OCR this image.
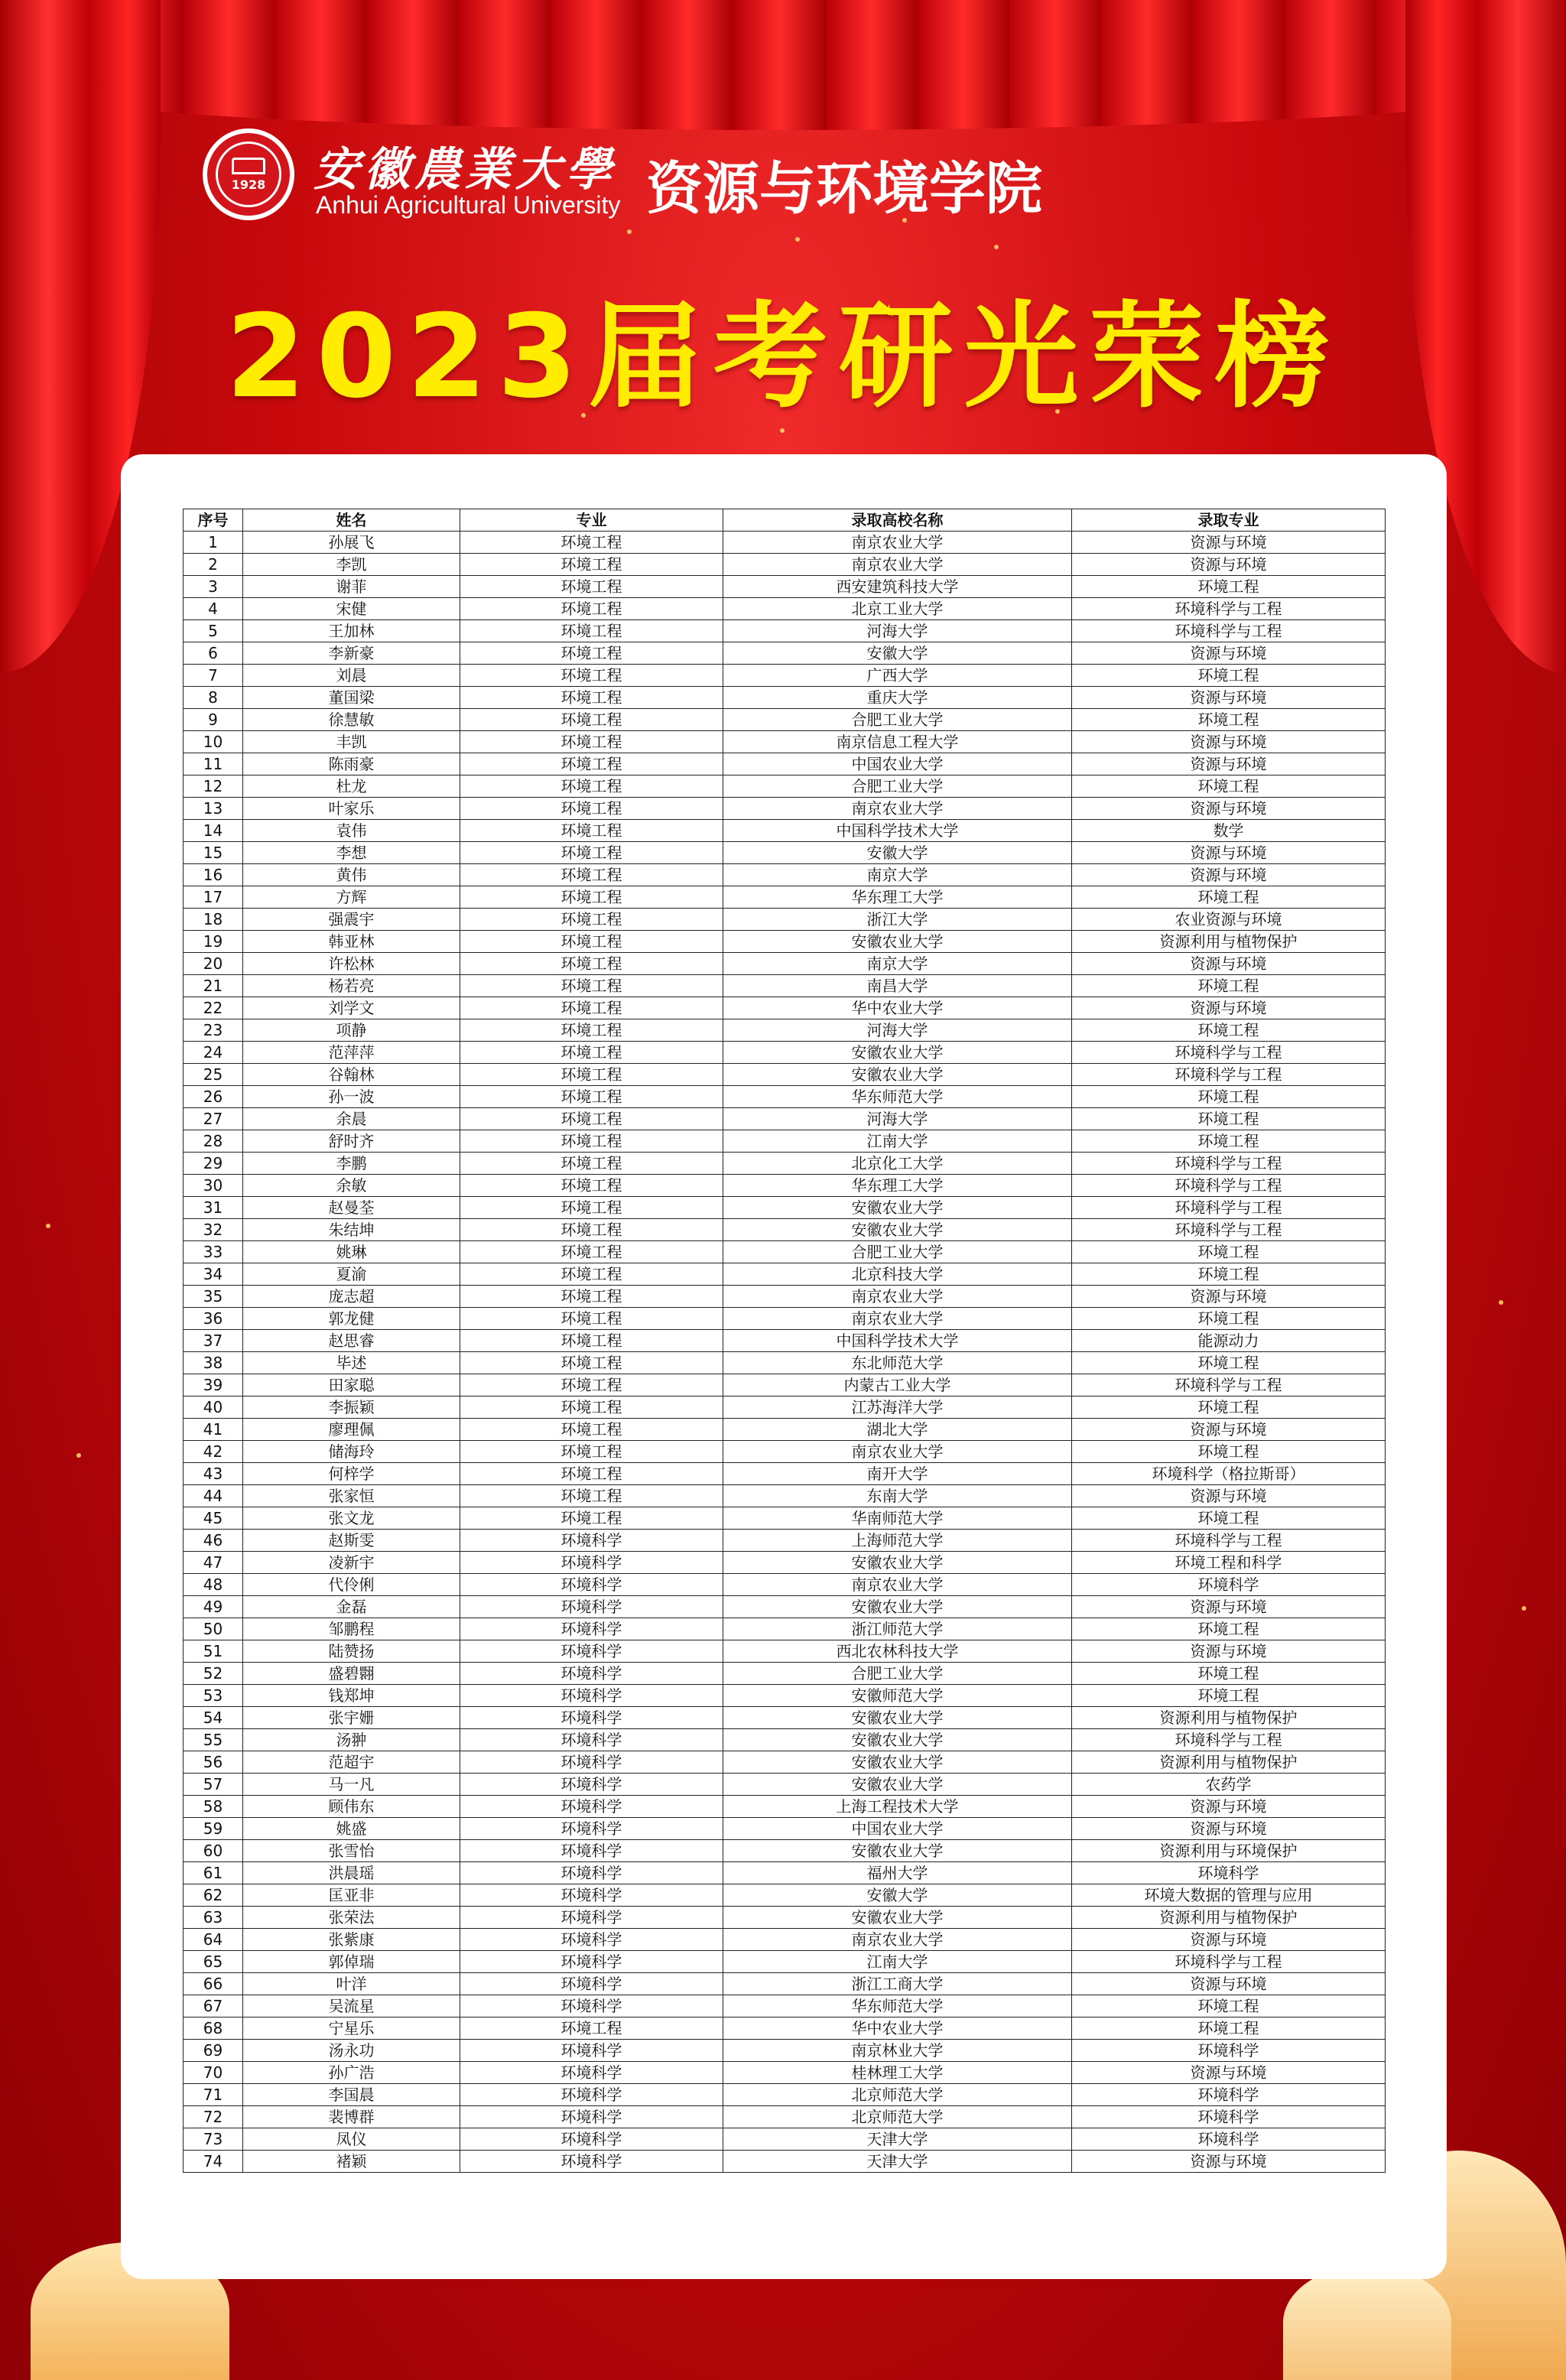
1928 安徽農業大學
Anhui Agricultural University 资源与环境学院
2023届考研光荣榜
序号	姓名	专业	录取高校名称	录取专业
1	孙展飞	环境工程	南京农业大学	资源与环境
2	李凯	环境工程	南京农业大学	资源与环境
3	谢菲	环境工程	西安建筑科技大学	环境工程
4	宋健	环境工程	北京工业大学	环境科学与工程
5	王加林	环境工程	河海大学	环境科学与工程
6	李新豪	环境工程	安徽大学	资源与环境
7	刘晨	环境工程	广西大学	环境工程
8	董国梁	环境工程	重庆大学	资源与环境
9	徐慧敏	环境工程	合肥工业大学	环境工程
10	丰凯	环境工程	南京信息工程大学	资源与环境
11	陈雨豪	环境工程	中国农业大学	资源与环境
12	杜龙	环境工程	合肥工业大学	环境工程
13	叶家乐	环境工程	南京农业大学	资源与环境
14	袁伟	环境工程	中国科学技术大学	数学
15	李想	环境工程	安徽大学	资源与环境
16	黄伟	环境工程	南京大学	资源与环境
17	方辉	环境工程	华东理工大学	环境工程
18	强震宇	环境工程	浙江大学	农业资源与环境
19	韩亚林	环境工程	安徽农业大学	资源利用与植物保护
20	许松林	环境工程	南京大学	资源与环境
21	杨若亮	环境工程	南昌大学	环境工程
22	刘学文	环境工程	华中农业大学	资源与环境
23	项静	环境工程	河海大学	环境工程
24	范萍萍	环境工程	安徽农业大学	环境科学与工程
25	谷翰林	环境工程	安徽农业大学	环境科学与工程
26	孙一波	环境工程	华东师范大学	环境工程
27	余晨	环境工程	河海大学	环境工程
28	舒时齐	环境工程	江南大学	环境工程
29	李鹏	环境工程	北京化工大学	环境科学与工程
30	余敏	环境工程	华东理工大学	环境科学与工程
31	赵曼荃	环境工程	安徽农业大学	环境科学与工程
32	朱结坤	环境工程	安徽农业大学	环境科学与工程
33	姚琳	环境工程	合肥工业大学	环境工程
34	夏渝	环境工程	北京科技大学	环境工程
35	庞志超	环境工程	南京农业大学	资源与环境
36	郭龙健	环境工程	南京农业大学	环境工程
37	赵思睿	环境工程	中国科学技术大学	能源动力
38	毕述	环境工程	东北师范大学	环境工程
39	田家聪	环境工程	内蒙古工业大学	环境科学与工程
40	李振颖	环境工程	江苏海洋大学	环境工程
41	廖理佩	环境工程	湖北大学	资源与环境
42	储海玲	环境工程	南京农业大学	环境工程
43	何梓学	环境工程	南开大学	环境科学（格拉斯哥）
44	张家恒	环境工程	东南大学	资源与环境
45	张文龙	环境工程	华南师范大学	环境工程
46	赵斯雯	环境科学	上海师范大学	环境科学与工程
47	凌新宇	环境科学	安徽农业大学	环境工程和科学
48	代伶俐	环境科学	南京农业大学	环境科学
49	金磊	环境科学	安徽农业大学	资源与环境
50	邹鹏程	环境科学	浙江师范大学	环境工程
51	陆赞扬	环境科学	西北农林科技大学	资源与环境
52	盛碧翾	环境科学	合肥工业大学	环境工程
53	钱郑坤	环境科学	安徽师范大学	环境工程
54	张宇姗	环境科学	安徽农业大学	资源利用与植物保护
55	汤翀	环境科学	安徽农业大学	环境科学与工程
56	范超宇	环境科学	安徽农业大学	资源利用与植物保护
57	马一凡	环境科学	安徽农业大学	农药学
58	顾伟东	环境科学	上海工程技术大学	资源与环境
59	姚盛	环境科学	中国农业大学	资源与环境
60	张雪怡	环境科学	安徽农业大学	资源利用与环境保护
61	洪晨瑶	环境科学	福州大学	环境科学
62	匡亚非	环境科学	安徽大学	环境大数据的管理与应用
63	张荣法	环境科学	安徽农业大学	资源利用与植物保护
64	张紫康	环境科学	南京农业大学	资源与环境
65	郭倬瑞	环境科学	江南大学	环境科学与工程
66	叶洋	环境科学	浙江工商大学	资源与环境
67	吴流星	环境科学	华东师范大学	环境工程
68	宁星乐	环境工程	华中农业大学	环境工程
69	汤永功	环境科学	南京林业大学	环境科学
70	孙广浩	环境科学	桂林理工大学	资源与环境
71	李国晨	环境科学	北京师范大学	环境科学
72	裴博群	环境科学	北京师范大学	环境科学
73	凤仪	环境科学	天津大学	环境科学
74	褚颖	环境科学	天津大学	资源与环境
